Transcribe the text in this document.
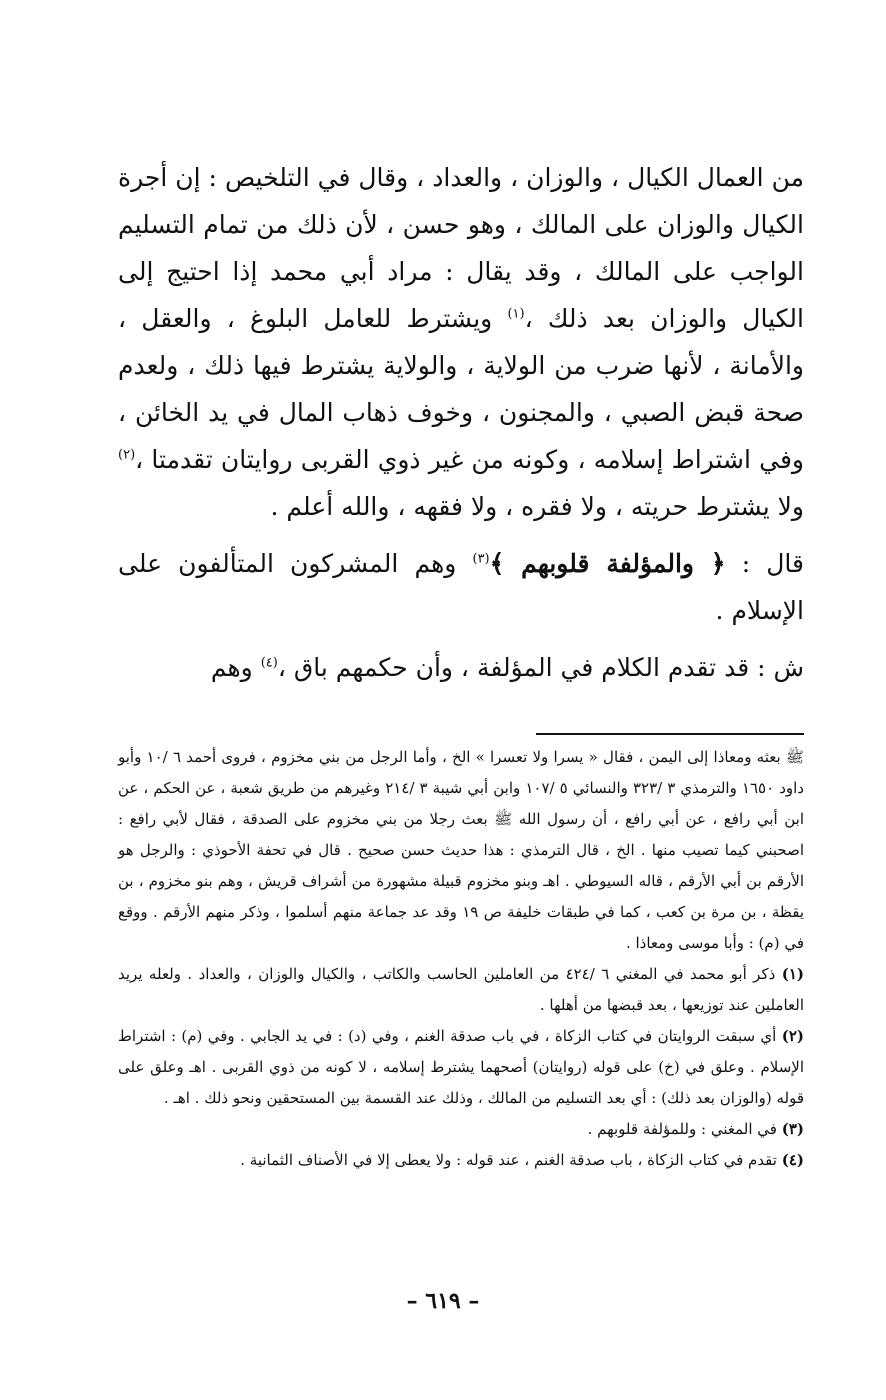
من العمال الكيال ، والوزان ، والعداد ، وقال في التلخيص : إن أجرة الكيال والوزان على المالك ، وهو حسن ، لأن ذلك من تمام التسليم الواجب على المالك ، وقد يقال : مراد أبي محمد إذا احتيج إلى الكيال والوزان بعد ذلك ،$^{(١)}$ ويشترط للعامل البلوغ ، والعقل ، والأمانة ، لأنها ضرب من الولاية ، والولاية يشترط فيها ذلك ، ولعدم صحة قبض الصبي ، والمجنون ، وخوف ذهاب المال في يد الخائن ، وفي اشتراط إسلامه ، وكونه من غير ذوي القربى روايتان تقدمتا ،$^{(٢)}$ ولا يشترط حريته ، ولا فقره ، ولا فقهه ، والله أعلم .

قال : ﴿ والمؤلفة قلوبهم ﴾$^{(٣)}$ وهم المشركون المتألفون على الإسلام .

ش : قد تقدم الكلام في المؤلفة ، وأن حكمهم باق ،$^{(٤)}$ وهم

ﷺ بعثه ومعاذا إلى اليمن ، فقال « يسرا ولا تعسرا » الخ ، وأما الرجل من بني مخزوم ، فروى أحمد ٦ /١٠ وأبو داود ١٦٥٠ والترمذي ٣ /٣٢٣ والنسائي ٥ /١٠٧ وابن أبي شيبة ٣ /٢١٤ وغيرهم من طريق شعبة ، عن الحكم ، عن ابن أبي رافع ، عن أبي رافع ، أن رسول الله ﷺ بعث رجلا من بني مخزوم على الصدقة ، فقال لأبي رافع : اصحبني كيما تصيب منها . الخ ، قال الترمذي : هذا حديث حسن صحيح . قال في تحفة الأحوذي : والرجل هو الأرقم بن أبي الأرقم ، قاله السيوطي . اهـ وبنو مخزوم قبيلة مشهورة من أشراف قريش ، وهم بنو مخزوم ، بن يقظة ، بن مرة بن كعب ، كما في طبقات خليفة ص ١٩ وقد عد جماعة منهم أسلموا ، وذكر منهم الأرقم . ووقع في (م) : وأبا موسى ومعاذا .

(١) ذكر أبو محمد في المغني ٦ /٤٢٤ من العاملين الحاسب والكاتب ، والكيال والوزان ، والعداد . ولعله يريد العاملين عند توزيعها ، بعد قبضها من أهلها .

(٢) أي سبقت الروايتان في كتاب الزكاة ، في باب صدقة الغنم ، وفي (د) : في يد الجابي . وفي (م) : اشتراط الإسلام . وعلق في (خ) على قوله (روايتان) أصحهما يشترط إسلامه ، لا كونه من ذوي القربى . اهـ وعلق على قوله (والوزان بعد ذلك) : أي بعد التسليم من المالك ، وذلك عند القسمة بين المستحقين ونحو ذلك . اهـ .

(٣) في المغني : وللمؤلفة قلوبهم .

(٤) تقدم في كتاب الزكاة ، باب صدقة الغنم ، عند قوله : ولا يعطى إلا في الأصناف الثمانية .

– ٦١٩ –
